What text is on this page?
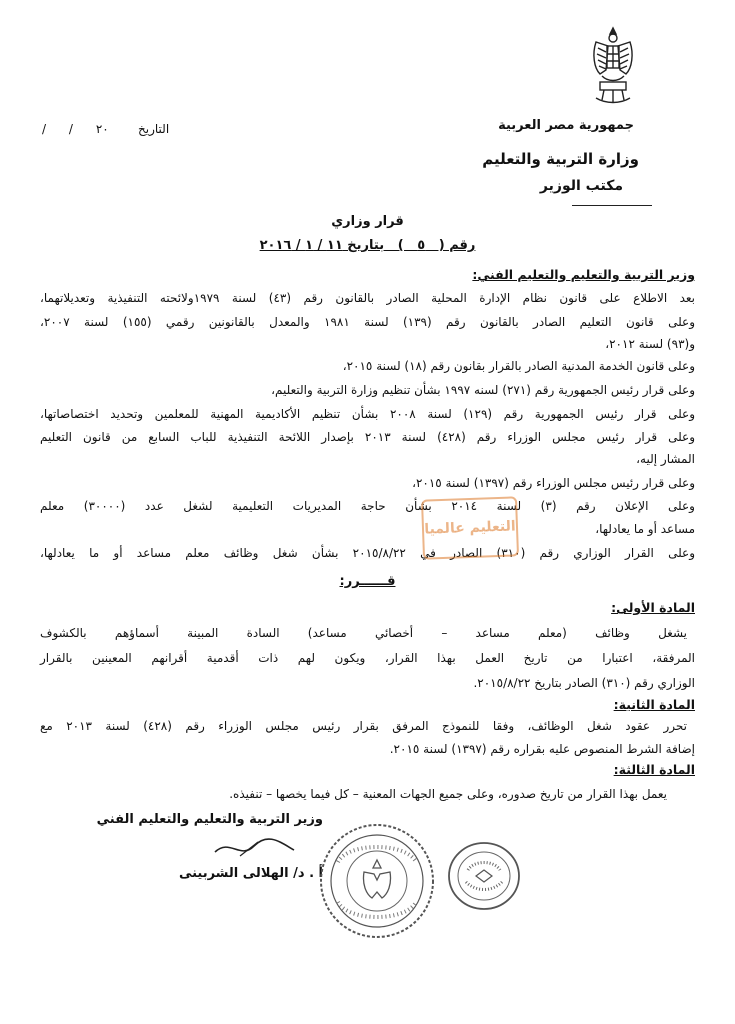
جمهورية مصر العربية
وزارة التربية والتعليم
مكتب الوزير
التاريخ
/      /      ٢٠
قرار وزاري
رقم (   ٥   )   بتاريخ ١١ / ١ / ٢٠١٦
وزير التربية والتعليم والتعليم الفني:
بعد الاطلاع على قانون نظام الإدارة المحلية الصادر بالقانون رقم (٤٣) لسنة ١٩٧٩ولائحته التنفيذية وتعديلاتهما،
وعلى قانون التعليم الصادر بالقانون رقم (١٣٩) لسنة ١٩٨١ والمعدل بالقانونين رقمي (١٥٥) لسنة ٢٠٠٧،
و(٩٣) لسنة ٢٠١٢،
وعلى قانون الخدمة المدنية الصادر بالقرار بقانون رقم (١٨) لسنة ٢٠١٥،
وعلى قرار رئيس الجمهورية رقم (٢٧١) لسنه ١٩٩٧ بشأن تنظيم وزارة التربية والتعليم،
وعلى قرار رئيس الجمهورية رقم (١٢٩) لسنة ٢٠٠٨ بشأن تنظيم الأكاديمية المهنية للمعلمين وتحديد اختصاصاتها،
وعلى قرار رئيس مجلس الوزراء رقم (٤٢٨) لسنة ٢٠١٣ بإصدار اللائحة التنفيذية للباب السابع من قانون التعليم
المشار إليه،
وعلى قرار رئيس مجلس الوزراء رقم (١٣٩٧) لسنة ٢٠١٥،
وعلى الإعلان رقم (٣) لسنة ٢٠١٤ بشأن حاجة المديريات التعليمية لشغل عدد (٣٠٠٠٠) معلم
مساعد أو ما يعادلها،
وعلى القرار الوزاري رقم (٣١٠) الصادر في ٢٠١٥/٨/٢٢ بشأن شغل وظائف معلم مساعد أو ما يعادلها،
التعليم عالميا
قــــــرر:
المادة الأولى:
يشغل وظائف (معلم مساعد – أخصائي مساعد) السادة المبينة أسماؤهم بالكشوف
المرفقة، اعتبارا من تاريخ العمل بهذا القرار، ويكون لهم ذات أقدمية أقرانهم المعينين بالقرار
الوزاري رقم (٣١٠) الصادر بتاريخ ٢٠١٥/٨/٢٢.
المادة الثانية:
تحرر عقود شغل الوظائف، وفقا للنموذج المرفق بقرار رئيس مجلس الوزراء رقم (٤٢٨) لسنة ٢٠١٣ مع
إضافة الشرط المنصوص عليه بقراره رقم (١٣٩٧) لسنة ٢٠١٥.
المادة الثالثة:
يعمل بهذا القرار من تاريخ صدوره، وعلى جميع الجهات المعنية – كل فيما يخصها – تنفيذه.
وزير التربية والتعليم والتعليم الفني
أ . د/ الهلالى الشربينى
